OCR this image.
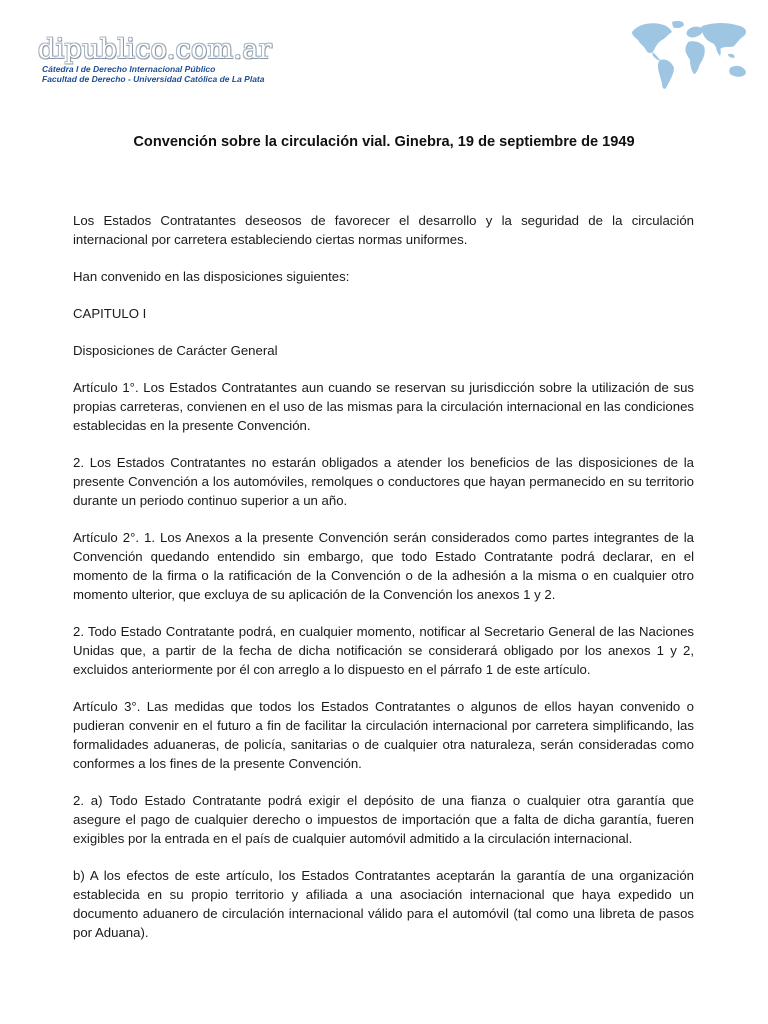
dipublico.com.ar
Cátedra I de Derecho Internacional Público
Facultad de Derecho - Universidad Católica de La Plata
Convención sobre la circulación vial. Ginebra, 19 de septiembre de 1949

Los Estados Contratantes deseosos de favorecer el desarrollo y la seguridad de la circulación internacional por carretera estableciendo ciertas normas uniformes.

Han convenido en las disposiciones siguientes:

CAPITULO I

Disposiciones de Carácter General

Artículo 1°. Los Estados Contratantes aun cuando se reservan su jurisdicción sobre la utilización de sus propias carreteras, convienen en el uso de las mismas para la circulación internacional en las condiciones establecidas en la presente Convención.

2. Los Estados Contratantes no estarán obligados a atender los beneficios de las disposiciones de la presente Convención a los automóviles, remolques o conductores que hayan permanecido en su territorio durante un periodo continuo superior a un año.

Artículo 2°. 1. Los Anexos a la presente Convención serán considerados como partes integrantes de la Convención quedando entendido sin embargo, que todo Estado Contratante podrá declarar, en el momento de la firma o la ratificación de la Convención o de la adhesión a la misma o en cualquier otro momento ulterior, que excluya de su aplicación de la Convención los anexos 1 y 2.

2. Todo Estado Contratante podrá, en cualquier momento, notificar al Secretario General de las Naciones Unidas que, a partir de la fecha de dicha notificación se considerará obligado por los anexos 1 y 2, excluidos anteriormente por él con arreglo a lo dispuesto en el párrafo 1 de este artículo.

Artículo 3°. Las medidas que todos los Estados Contratantes o algunos de ellos hayan convenido o pudieran convenir en el futuro a fin de facilitar la circulación internacional por carretera simplificando, las formalidades aduaneras, de policía, sanitarias o de cualquier otra naturaleza, serán consideradas como conformes a los fines de la presente Convención.

2. a) Todo Estado Contratante podrá exigir el depósito de una fianza o cualquier otra garantía que asegure el pago de cualquier derecho o impuestos de importación que a falta de dicha garantía, fueren exigibles por la entrada en el país de cualquier automóvil admitido a la circulación internacional.

b) A los efectos de este artículo, los Estados Contratantes aceptarán la garantía de una organización establecida en su propio territorio y afiliada a una asociación internacional que haya expedido un documento aduanero de circulación internacional válido para el automóvil (tal como una libreta de pasos por Aduana).
